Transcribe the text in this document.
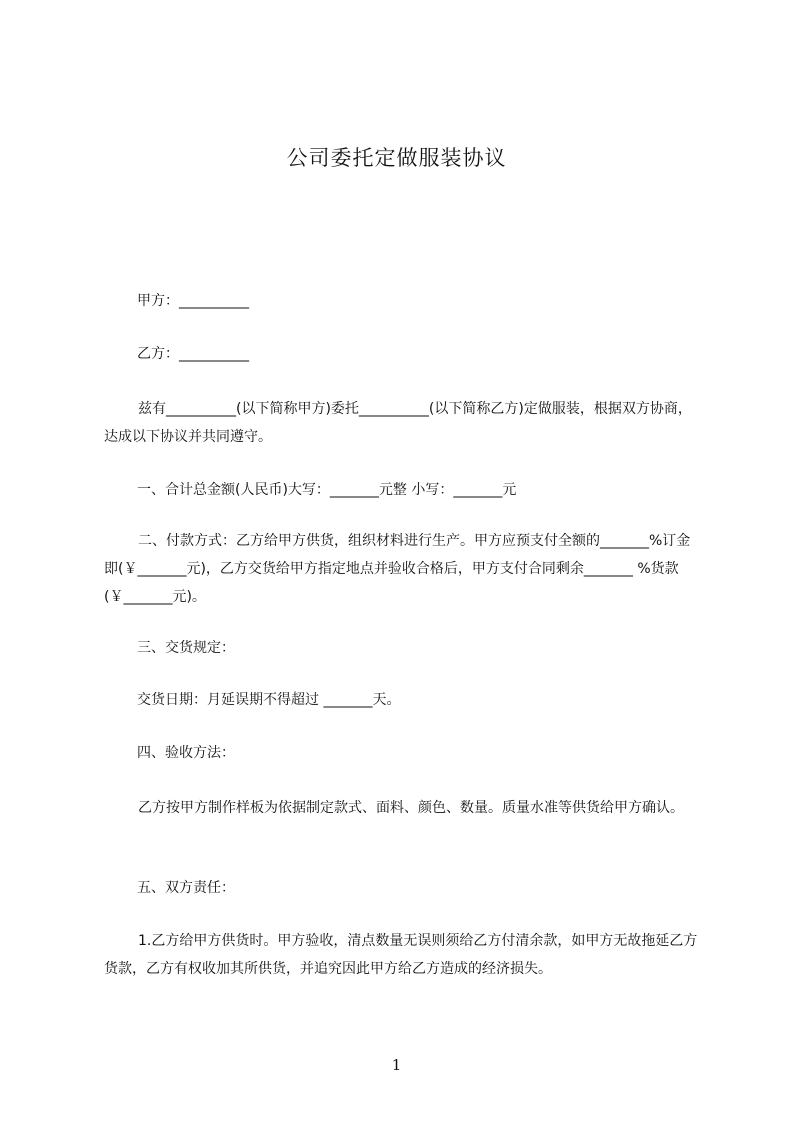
公司委托定做服装协议
甲方：__________
乙方：__________
兹有__________(以下简称甲方)委托__________(以下简称乙方)定做服装，根据双方协商，达成以下协议并共同遵守。
一、合计总金额(人民币)大写：_______元整 小写：_______元
二、付款方式：乙方给甲方供货，组织材料进行生产。甲方应预支付全额的_______%订金即(￥_______元)，乙方交货给甲方指定地点并验收合格后，甲方支付合同剩余_______ %货款(￥_______元)。
三、交货规定：
交货日期：月延误期不得超过 _______天。
四、验收方法：
乙方按甲方制作样板为依据制定款式、面料、颜色、数量。质量水准等供货给甲方确认。
五、双方责任：
1.乙方给甲方供货时。甲方验收，清点数量无误则须给乙方付清余款，如甲方无故拖延乙方货款，乙方有权收加其所供货，并追究因此甲方给乙方造成的经济损失。
1
